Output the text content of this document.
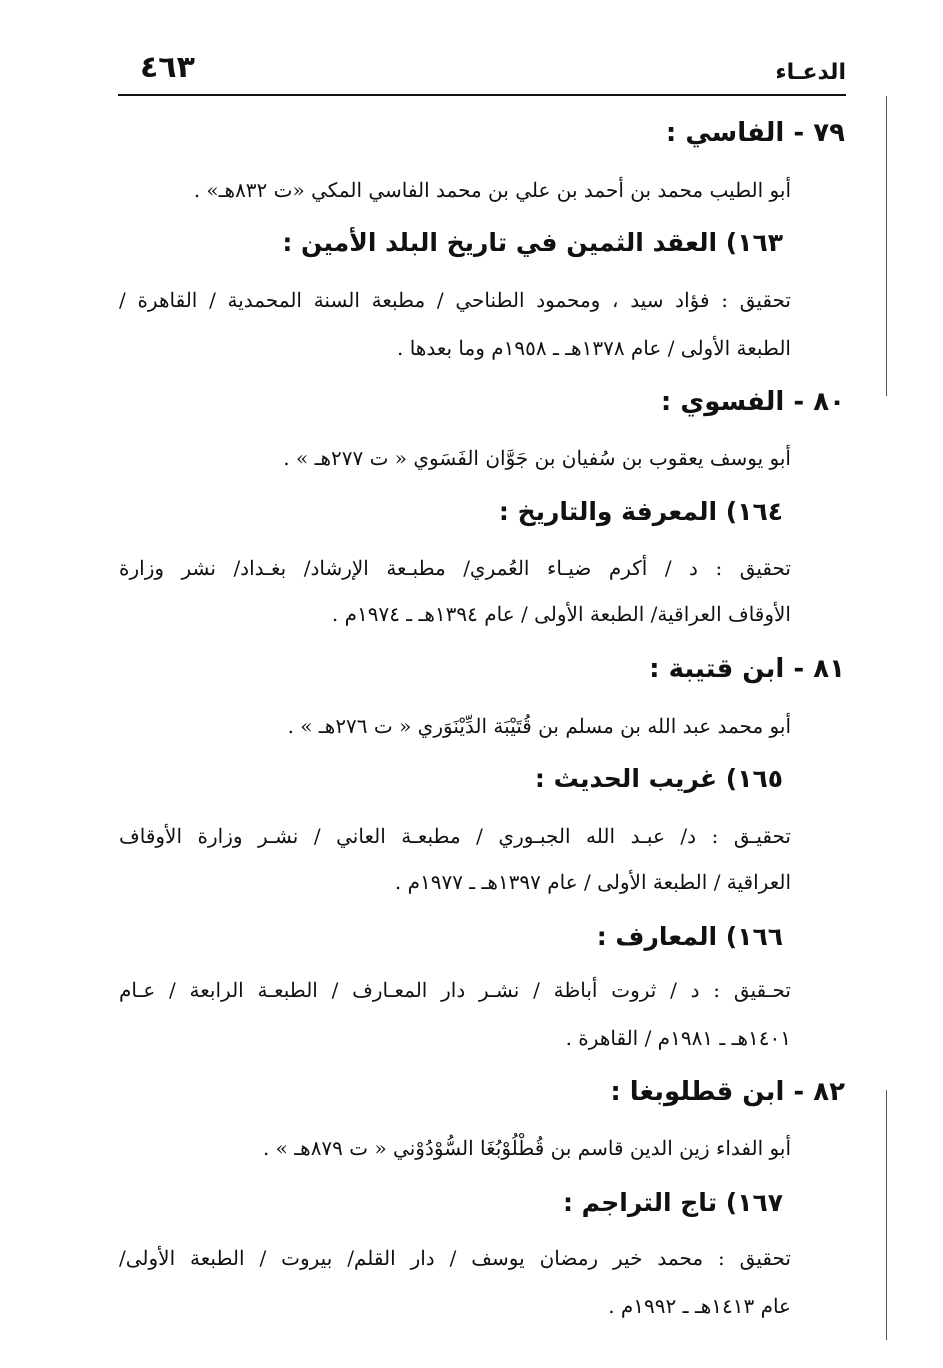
٤٦٣	الدعـاء
٧٩ - الفاسي :
أبو الطيب محمد بن أحمد بن علي بن محمد الفاسي المكي «ت ٨٣٢هـ» .
١٦٣) العقد الثمين في تاريخ البلد الأمين :
تحقيق : فؤاد سيد ، ومحمود الطناحي / مطبعة السنة المحمدية / القاهرة /
الطبعة الأولى / عام ١٣٧٨هـ ـ ١٩٥٨م وما بعدها .
٨٠ - الفسوي :
أبو يوسف يعقوب بن سُفيان بن جَوَّان الفَسَوي « ت ٢٧٧هـ » .
١٦٤) المعرفة والتاريخ :
تحقيق : د / أكرم ضيـاء العُمري/ مطبـعة الإرشاد/ بغـداد/ نشر وزارة
الأوقاف العراقية/ الطبعة الأولى / عام ١٣٩٤هـ ـ ١٩٧٤م .
٨١ - ابن قتيبة :
أبو محمد عبد الله بن مسلم بن قُتَيْبَة الدِّيْنَوَري « ت ٢٧٦هـ » .
١٦٥) غريب الحديث :
تحقيـق : د/ عبـد الله الجبـوري / مطبعـة العاني / نشـر وزارة الأوقاف
العراقية / الطبعة الأولى / عام ١٣٩٧هـ ـ ١٩٧٧م .
١٦٦) المعارف :
تحـقيق : د / ثروت أباظة / نشـر دار المعـارف / الطبعـة الرابعة / عـام
١٤٠١هـ ـ ١٩٨١م / القاهرة .
٨٢ - ابن قطلوبغا :
أبو الفداء زين الدين قاسم بن قُطْلُوْبُغَا السُّوْدُوْني « ت ٨٧٩هـ » .
١٦٧) تاج التراجم :
تحقيق : محمد خير رمضان يوسف / دار القلم/ بيروت / الطبعة الأولى/
عام ١٤١٣هـ ـ ١٩٩٢م .
